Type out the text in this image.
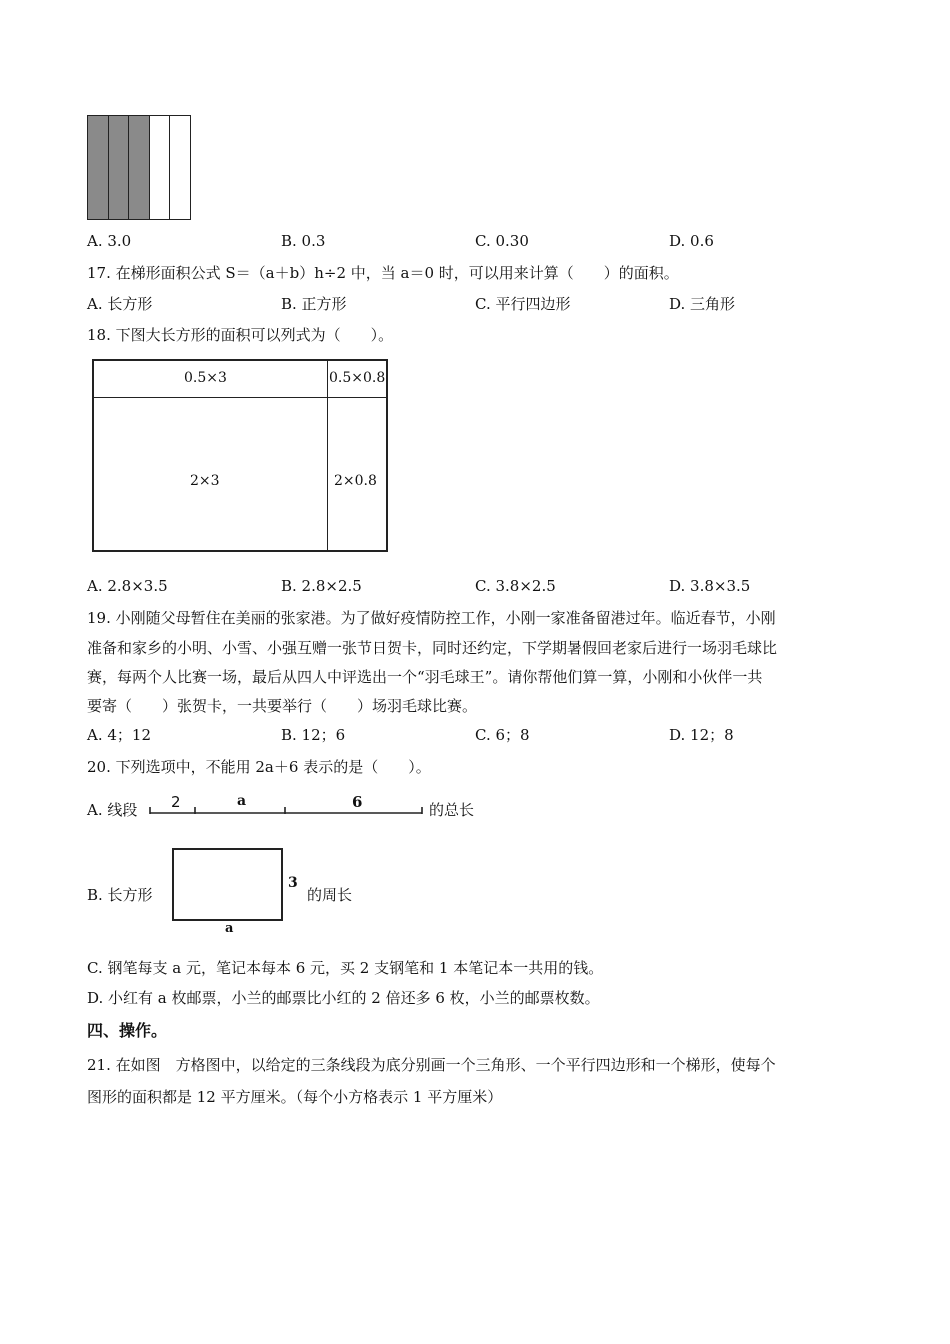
A. 3.0	B. 0.3	C. 0.30	D. 0.6
17. 在梯形面积公式 S＝（a＋b）h÷2 中，当 a＝0 时，可以用来计算（　　）的面积。
A. 长方形	B. 正方形	C. 平行四边形	D. 三角形
18. 下图大长方形的面积可以列式为（　　）。
0.5×3	0.5×0.8
2×3	2×0.8
A. 2.8×3.5	B. 2.8×2.5	C. 3.8×2.5	D. 3.8×3.5
19. 小刚随父母暂住在美丽的张家港。为了做好疫情防控工作，小刚一家准备留港过年。临近春节，小刚
准备和家乡的小明、小雪、小强互赠一张节日贺卡，同时还约定，下学期暑假回老家后进行一场羽毛球比
赛，每两个人比赛一场，最后从四人中评选出一个“羽毛球王”。请你帮他们算一算，小刚和小伙伴一共
要寄（　　）张贺卡，一共要举行（　　）场羽毛球比赛。
A. 4；12	B. 12；6	C. 6；8	D. 12；8
20. 下列选项中，不能用 2a＋6 表示的是（　　）。
A. 线段 2	a	6	的总长
B. 长方形
3
a
的周长
C. 钢笔每支 a 元，笔记本每本 6 元，买 2 支钢笔和 1 本笔记本一共用的钱。
D. 小红有 a 枚邮票，小兰的邮票比小红的 2 倍还多 6 枚，小兰的邮票枚数。
四、操作。
21. 在如图　方格图中，以给定的三条线段为底分别画一个三角形、一个平行四边形和一个梯形，使每个
图形的面积都是 12 平方厘米。（每个小方格表示 1 平方厘米）
